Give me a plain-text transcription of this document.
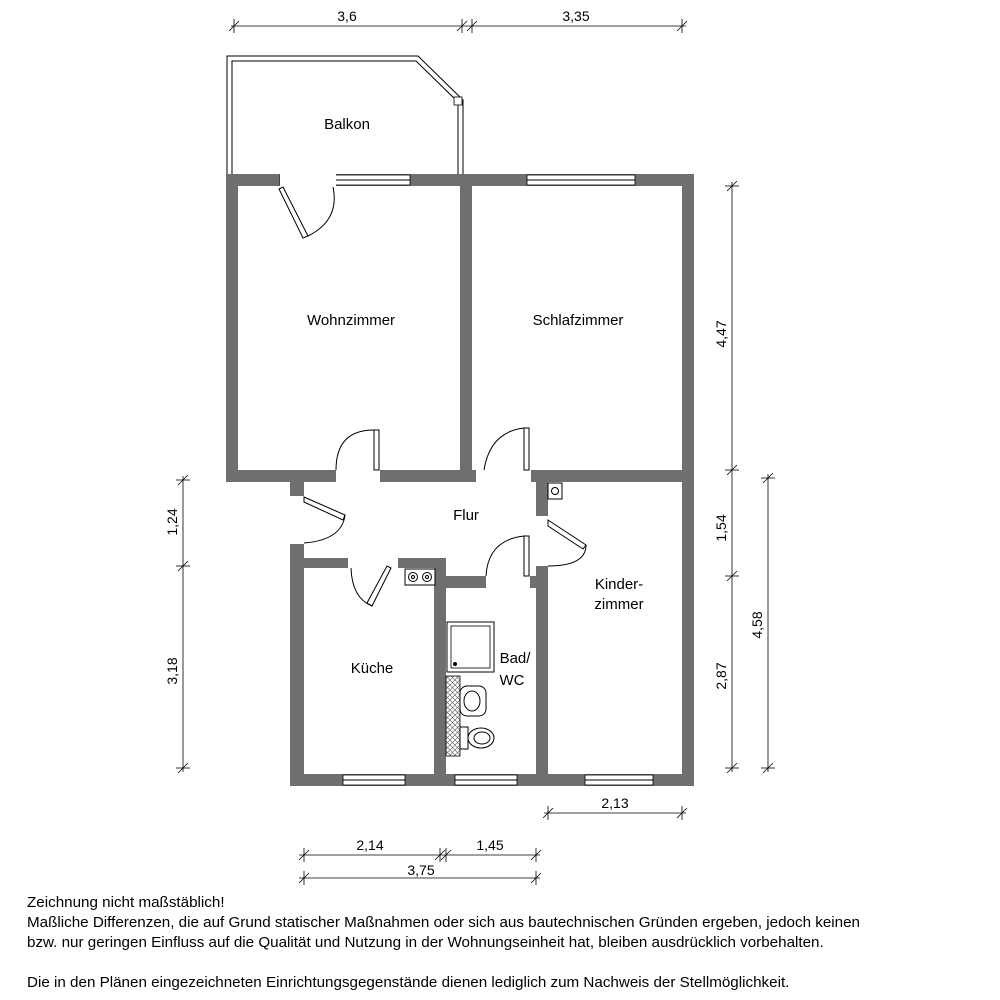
Balkon
Wohnzimmer	Schlafzimmer
Flur
Kinder-
zimmer
Küche
Bad/
WC
3,6	3,35
4,47
1,54
2,87
4,58
1,24
3,18
2,13
2,14	1,45
3,75

Zeichnung nicht maßstäblich!

Maßliche Differenzen, die auf Grund statischer Maßnahmen oder sich aus bautechnischen Gründen ergeben, jedoch keinen

bzw. nur geringen Einfluss auf die Qualität und Nutzung in der Wohnungseinheit hat, bleiben ausdrücklich vorbehalten.

Die in den Plänen eingezeichneten Einrichtungsgegenstände dienen lediglich zum Nachweis der Stellmöglichkeit.
